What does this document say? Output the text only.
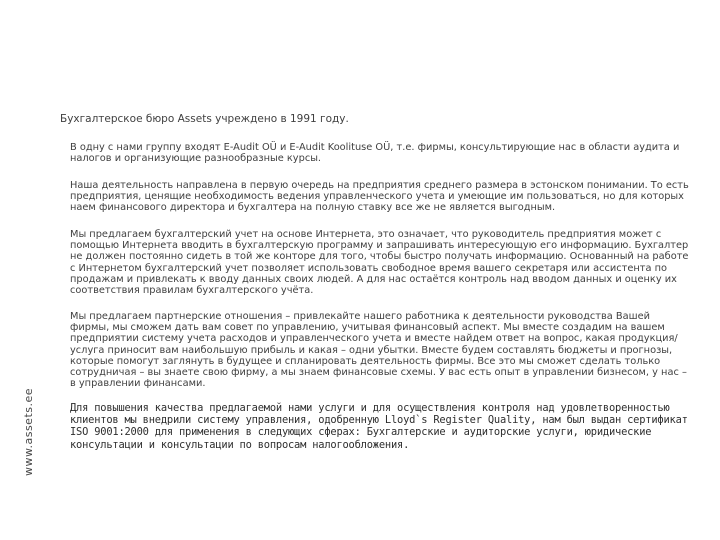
www.assets.ee
Бухгалтерское бюро Assets учреждено в 1991 году.
В одну с нами группу входят E-Audit OÜ и E-Audit Koolituse OÜ, т.е. фирмы, консультирующие нас в области аудита и налогов и организующие разнообразные курсы.
Наша деятельность направлена в первую очередь на предприятия среднего размера в эстонском понимании. То есть предприятия, ценящие необходимость ведения управленческого учета и умеющие им пользоваться, но для которых наем финансового директора и бухгалтера на полную ставку все же не является выгодным.
Мы предлагаем бухгалтерский учет на основе Интернета, это означает, что руководитель предприятия может с помощью Интернета вводить в бухгалтерскую программу и запрашивать интересующую его информацию. Бухгалтер не должен постоянно сидеть в той же конторе для того, чтобы быстро получать информацию. Основанный на работе с Интернетом бухгалтерский учет позволяет использовать свободное время вашего секретаря или ассистента по продажам и привлекать к вводу данных своих людей. А для нас остаётся контроль над вводом данных и оценку их соответствия правилам бухгалтерского учёта.
Мы предлагаем партнерские отношения – привлекайте нашего работника к деятельности руководства Вашей фирмы, мы сможем дать вам совет по управлению, учитывая финансовый аспект. Мы вместе создадим на вашем предприятии систему учета расходов и управленческого учета и вместе найдем ответ на вопрос, какая продукция/услуга приносит вам наибольшую прибыль и какая – одни убытки. Вместе будем составлять бюджеты и прогнозы, которые помогут заглянуть в будущее и спланировать деятельность фирмы. Все это мы сможет сделать только сотрудничая – вы знаете свою фирму, а мы знаем финансовые схемы. У вас есть опыт в управлении бизнесом, у нас – в управлении финансами.
Для повышения качества предлагаемой нами услуги и для осуществления контроля над удовлетворенностью клиентов мы внедрили систему управления, одобренную Lloyd`s Register Quality, нам был выдан сертификат ISO 9001:2000 для применения в следующих сферах: Бухгалтерские и аудиторские услуги, юридические консультации и консультации по вопросам налогообложения.
